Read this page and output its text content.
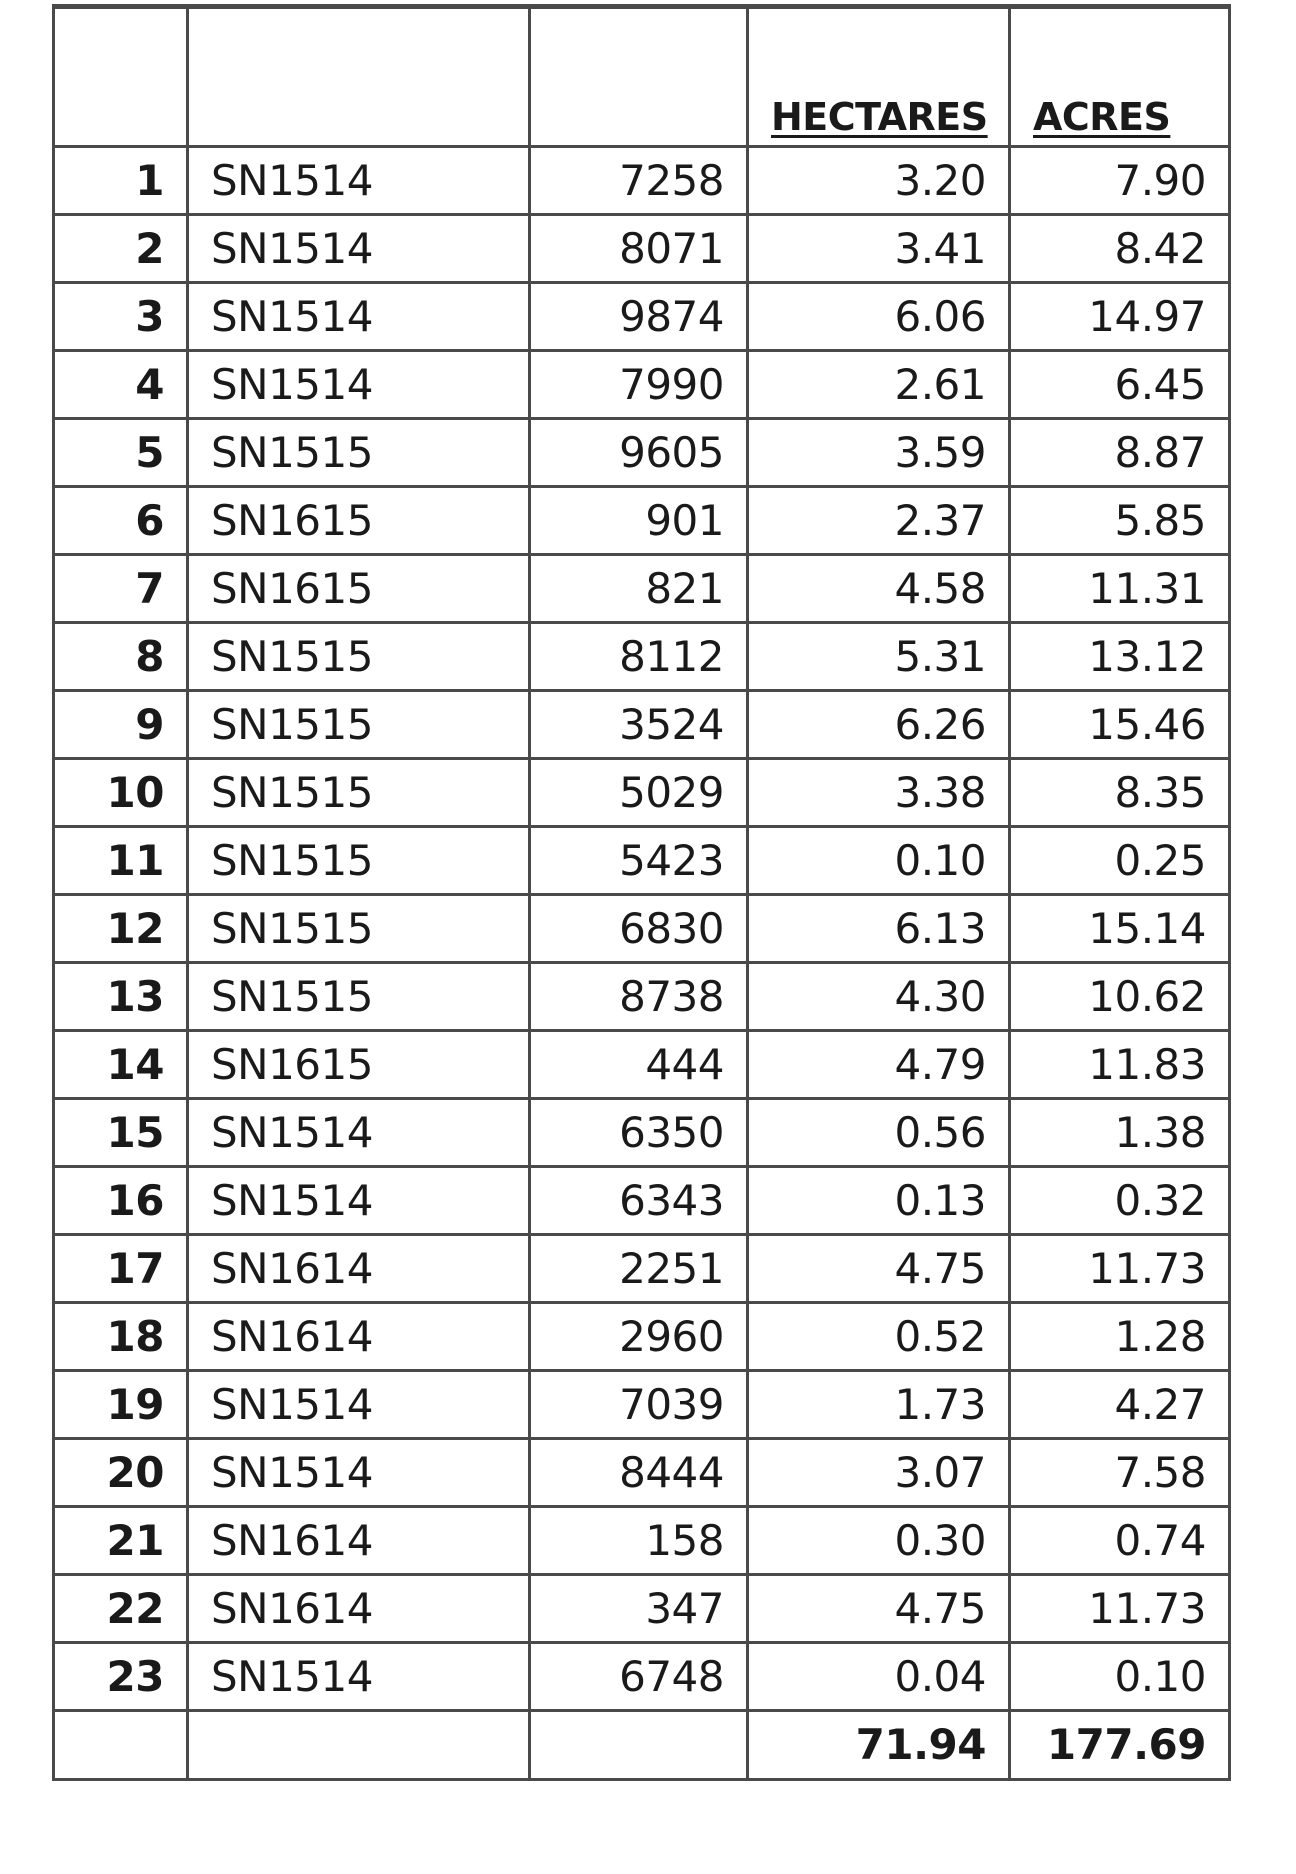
			HECTARES	ACRES
1	SN1514	7258	3.20	7.90
2	SN1514	8071	3.41	8.42
3	SN1514	9874	6.06	14.97
4	SN1514	7990	2.61	6.45
5	SN1515	9605	3.59	8.87
6	SN1615	901	2.37	5.85
7	SN1615	821	4.58	11.31
8	SN1515	8112	5.31	13.12
9	SN1515	3524	6.26	15.46
10	SN1515	5029	3.38	8.35
11	SN1515	5423	0.10	0.25
12	SN1515	6830	6.13	15.14
13	SN1515	8738	4.30	10.62
14	SN1615	444	4.79	11.83
15	SN1514	6350	0.56	1.38
16	SN1514	6343	0.13	0.32
17	SN1614	2251	4.75	11.73
18	SN1614	2960	0.52	1.28
19	SN1514	7039	1.73	4.27
20	SN1514	8444	3.07	7.58
21	SN1614	158	0.30	0.74
22	SN1614	347	4.75	11.73
23	SN1514	6748	0.04	0.10
			71.94	177.69
